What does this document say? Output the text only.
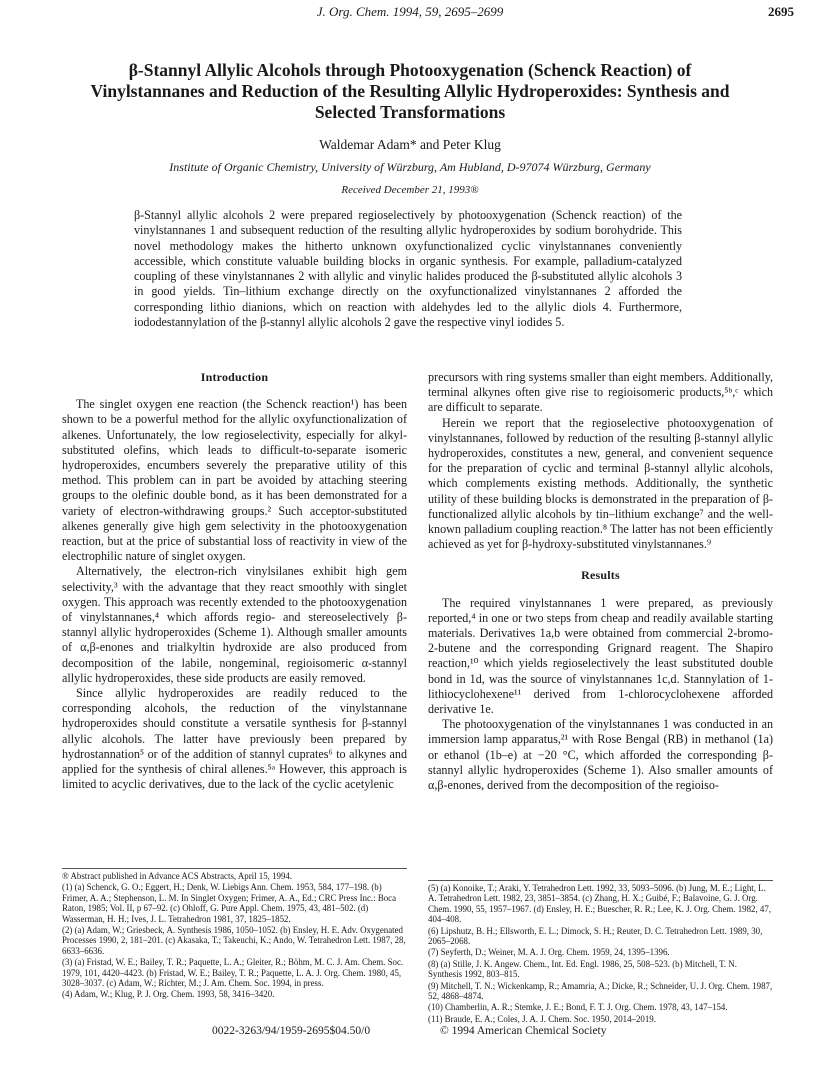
J. Org. Chem. 1994, 59, 2695–2699	2695
β-Stannyl Allylic Alcohols through Photooxygenation (Schenck Reaction) of Vinylstannanes and Reduction of the Resulting Allylic Hydroperoxides: Synthesis and Selected Transformations
Waldemar Adam* and Peter Klug
Institute of Organic Chemistry, University of Würzburg, Am Hubland, D-97074 Würzburg, Germany
Received December 21, 1993®
β-Stannyl allylic alcohols 2 were prepared regioselectively by photooxygenation (Schenck reaction) of the vinylstannanes 1 and subsequent reduction of the resulting allylic hydroperoxides by sodium borohydride. This novel methodology makes the hitherto unknown oxyfunctionalized cyclic vinylstannanes conveniently accessible, which constitute valuable building blocks in organic synthesis. For example, palladium-catalyzed coupling of these vinylstannanes 2 with allylic and vinylic halides produced the β-substituted allylic alcohols 3 in good yields. Tin–lithium exchange directly on the oxyfunctionalized vinylstannanes 2 afforded the corresponding lithio dianions, which on reaction with aldehydes led to the allylic diols 4. Furthermore, iododestannylation of the β-stannyl allylic alcohols 2 gave the respective vinyl iodides 5.
Introduction

The singlet oxygen ene reaction (the Schenck reaction¹) has been shown to be a powerful method for the allylic oxyfunctionalization of alkenes. Unfortunately, the low regioselectivity, especially for alkyl-substituted olefins, which leads to difficult-to-separate isomeric hydroperoxides, encumbers severely the preparative utility of this method. This problem can in part be avoided by attaching steering groups to the olefinic double bond, as it has been demonstrated for a variety of electron-withdrawing groups.² Such acceptor-substituted alkenes generally give high gem selectivity in the photooxygenation reaction, but at the price of substantial loss of reactivity in view of the electrophilic nature of singlet oxygen.

Alternatively, the electron-rich vinylsilanes exhibit high gem selectivity,³ with the advantage that they react smoothly with singlet oxygen. This approach was recently extended to the photooxygenation of vinylstannanes,⁴ which affords regio- and stereoselectively β-stannyl allylic hydroperoxides (Scheme 1). Although smaller amounts of α,β-enones and trialkyltin hydroxide are also produced from decomposition of the labile, nongeminal, regioisomeric α-stannyl allylic hydroperoxides, these side products are easily removed.

Since allylic hydroperoxides are readily reduced to the corresponding alcohols, the reduction of the vinylstannane hydroperoxides should constitute a versatile synthesis for β-stannyl allylic alcohols. The latter have previously been prepared by hydrostannation⁵ or of the addition of stannyl cuprates⁶ to alkynes and applied for the synthesis of chiral allenes.⁵ᵃ However, this approach is limited to acyclic derivatives, due to the lack of the cyclic acetylenic

precursors with ring systems smaller than eight members. Additionally, terminal alkynes often give rise to regioisomeric products,⁵ᵇ,ᶜ which are difficult to separate.

Herein we report that the regioselective photooxygenation of vinylstannanes, followed by reduction of the resulting β-stannyl allylic hydroperoxides, constitutes a new, general, and convenient sequence for the preparation of cyclic and terminal β-stannyl allylic alcohols, which complements existing methods. Additionally, the synthetic utility of these building blocks is demonstrated in the preparation of β-functionalized allylic alcohols by tin–lithium exchange⁷ and the well-known palladium coupling reaction.⁸ The latter has not been efficiently achieved as yet for β-hydroxy-substituted vinylstannanes.⁹

Results

The required vinylstannanes 1 were prepared, as previously reported,⁴ in one or two steps from cheap and readily available starting materials. Derivatives 1a,b were obtained from commercial 2-bromo-2-butene and the corresponding Grignard reagent. The Shapiro reaction,¹⁰ which yields regioselectively the least substituted double bond in 1d, was the source of vinylstannanes 1c,d. Stannylation of 1-lithiocyclohexene¹¹ derived from 1-chlorocyclohexene afforded derivative 1e.

The photooxygenation of the vinylstannanes 1 was conducted in an immersion lamp apparatus,²¹ with Rose Bengal (RB) in methanol (1a) or ethanol (1b–e) at −20 °C, which afforded the corresponding β-stannyl allylic hydroperoxides (Scheme 1). Also smaller amounts of α,β-enones, derived from the decomposition of the regioiso-

® Abstract published in Advance ACS Abstracts, April 15, 1994.
(1) (a) Schenck, G. O.; Eggert, H.; Denk, W. Liebigs Ann. Chem. 1953, 584, 177–198. (b) Frimer, A. A.; Stephenson, L. M. In Singlet Oxygen; Frimer, A. A., Ed.; CRC Press Inc.: Boca Raton, 1985; Vol. II, p 67–92. (c) Ohloff, G. Pure Appl. Chem. 1975, 43, 481–502. (d) Wasserman, H. H.; Ives, J. L. Tetrahedron 1981, 37, 1825–1852.
(2) (a) Adam, W.; Griesbeck, A. Synthesis 1986, 1050–1052. (b) Ensley, H. E. Adv. Oxygenated Processes 1990, 2, 181–201. (c) Akasaka, T.; Takeuchi, K.; Ando, W. Tetrahedron Lett. 1987, 28, 6633–6636.
(3) (a) Fristad, W. E.; Bailey, T. R.; Paquette, L. A.; Gleiter, R.; Böhm, M. C. J. Am. Chem. Soc. 1979, 101, 4420–4423. (b) Fristad, W. E.; Bailey, T. R.; Paquette, L. A. J. Org. Chem. 1980, 45, 3028–3037. (c) Adam, W.; Richter, M.; J. Am. Chem. Soc. 1994, in press.
(4) Adam, W.; Klug, P. J. Org. Chem. 1993, 58, 3416–3420.
(5) (a) Konoike, T.; Araki, Y. Tetrahedron Lett. 1992, 33, 5093–5096. (b) Jung, M. E.; Light, L. A. Tetrahedron Lett. 1982, 23, 3851–3854. (c) Zhang, H. X.; Guibé, F.; Balavoine, G. J. Org. Chem. 1990, 55, 1957–1967. (d) Ensley, H. E.; Buescher, R. R.; Lee, K. J. Org. Chem. 1982, 47, 404–408.
(6) Lipshutz, B. H.; Ellsworth, E. L.; Dimock, S. H.; Reuter, D. C. Tetrahedron Lett. 1989, 30, 2065–2068.
(7) Seyferth, D.; Weiner, M. A. J. Org. Chem. 1959, 24, 1395–1396.
(8) (a) Stille, J. K. Angew. Chem., Int. Ed. Engl. 1986, 25, 508–523. (b) Mitchell, T. N. Synthesis 1992, 803–815.
(9) Mitchell, T. N.; Wickenkamp, R.; Amamria, A.; Dicke, R.; Schneider, U. J. Org. Chem. 1987, 52, 4868–4874.
(10) Chamberlin, A. R.; Stemke, J. E.; Bond, F. T. J. Org. Chem. 1978, 43, 147–154.
(11) Braude, E. A.; Coles, J. A. J. Chem. Soc. 1950, 2014–2019.
0022-3263/94/1959-2695$04.50/0	© 1994 American Chemical Society
